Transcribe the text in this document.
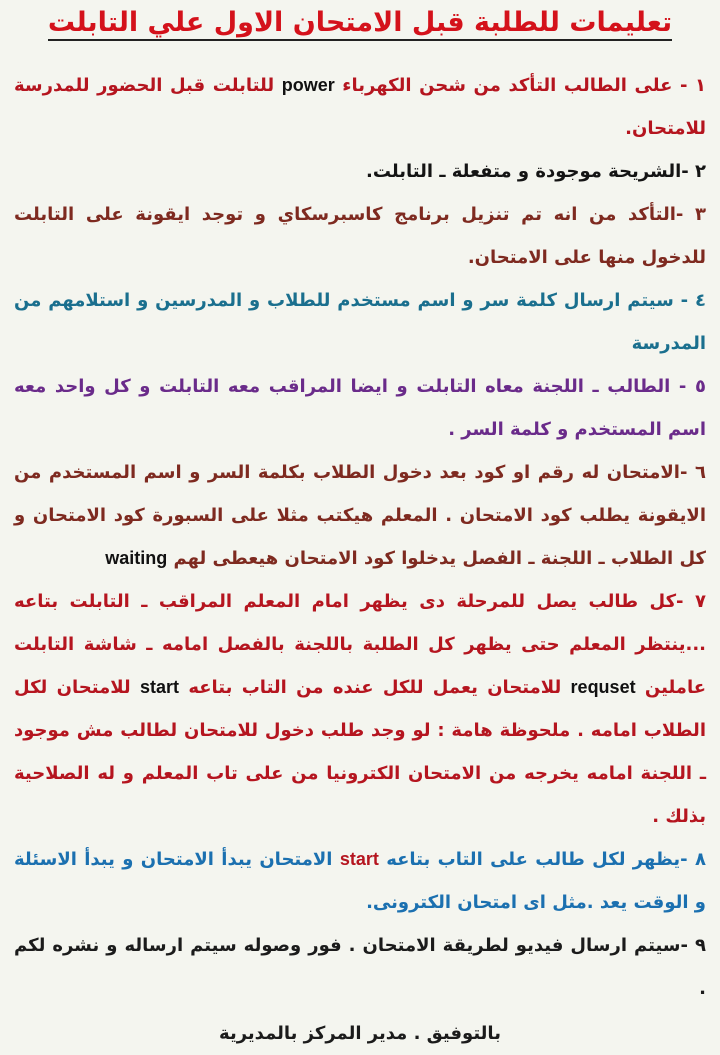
تعليمات للطلبة قبل الامتحان الاول علي التابلت

١ - على الطالب التأكد من شحن الكهرباء power للتابلت قبل الحضور للمدرسة للامتحان.

٢ -الشريحة موجودة و متفعلة ـ التابلت.

٣ -التأكد من انه تم تنزيل برنامج كاسبرسكاي و توجد ايقونة على التابلت للدخول منها على الامتحان.

٤ - سيتم ارسال كلمة سر و اسم مستخدم للطلاب و المدرسين و استلامهم من المدرسة

٥ - الطالب ـ اللجنة معاه التابلت و ايضا المراقب معه التابلت و كل واحد معه اسم المستخدم و كلمة السر .

٦ -الامتحان له رقم او كود بعد دخول الطلاب بكلمة السر و اسم المستخدم من الايقونة يطلب كود الامتحان . المعلم هيكتب مثلا على السبورة كود الامتحان و كل الطلاب ـ اللجنة ـ الفصل يدخلوا كود الامتحان هيعطى لهم waiting

٧ -كل طالب يصل للمرحلة دى يظهر امام المعلم المراقب ـ التابلت بتاعه ...ينتظر المعلم حتى يظهر كل الطلبة باللجنة بالفصل امامه ـ شاشة التابلت عاملين requset للامتحان يعمل للكل عنده من التاب بتاعه start للامتحان لكل الطلاب امامه . ملحوظة هامة : لو وجد طلب دخول للامتحان لطالب مش موجود ـ اللجنة امامه يخرجه من الامتحان الكترونيا من على تاب المعلم و له الصلاحية بذلك .

٨ -يظهر لكل طالب على التاب بتاعه start الامتحان يبدأ الامتحان و يبدأ الاسئلة و الوقت يعد .مثل اى امتحان الكترونى.

٩ -سيتم ارسال فيديو لطريقة الامتحان . فور وصوله سيتم ارساله و نشره لكم .

بالتوفيق . مدير المركز بالمديرية
